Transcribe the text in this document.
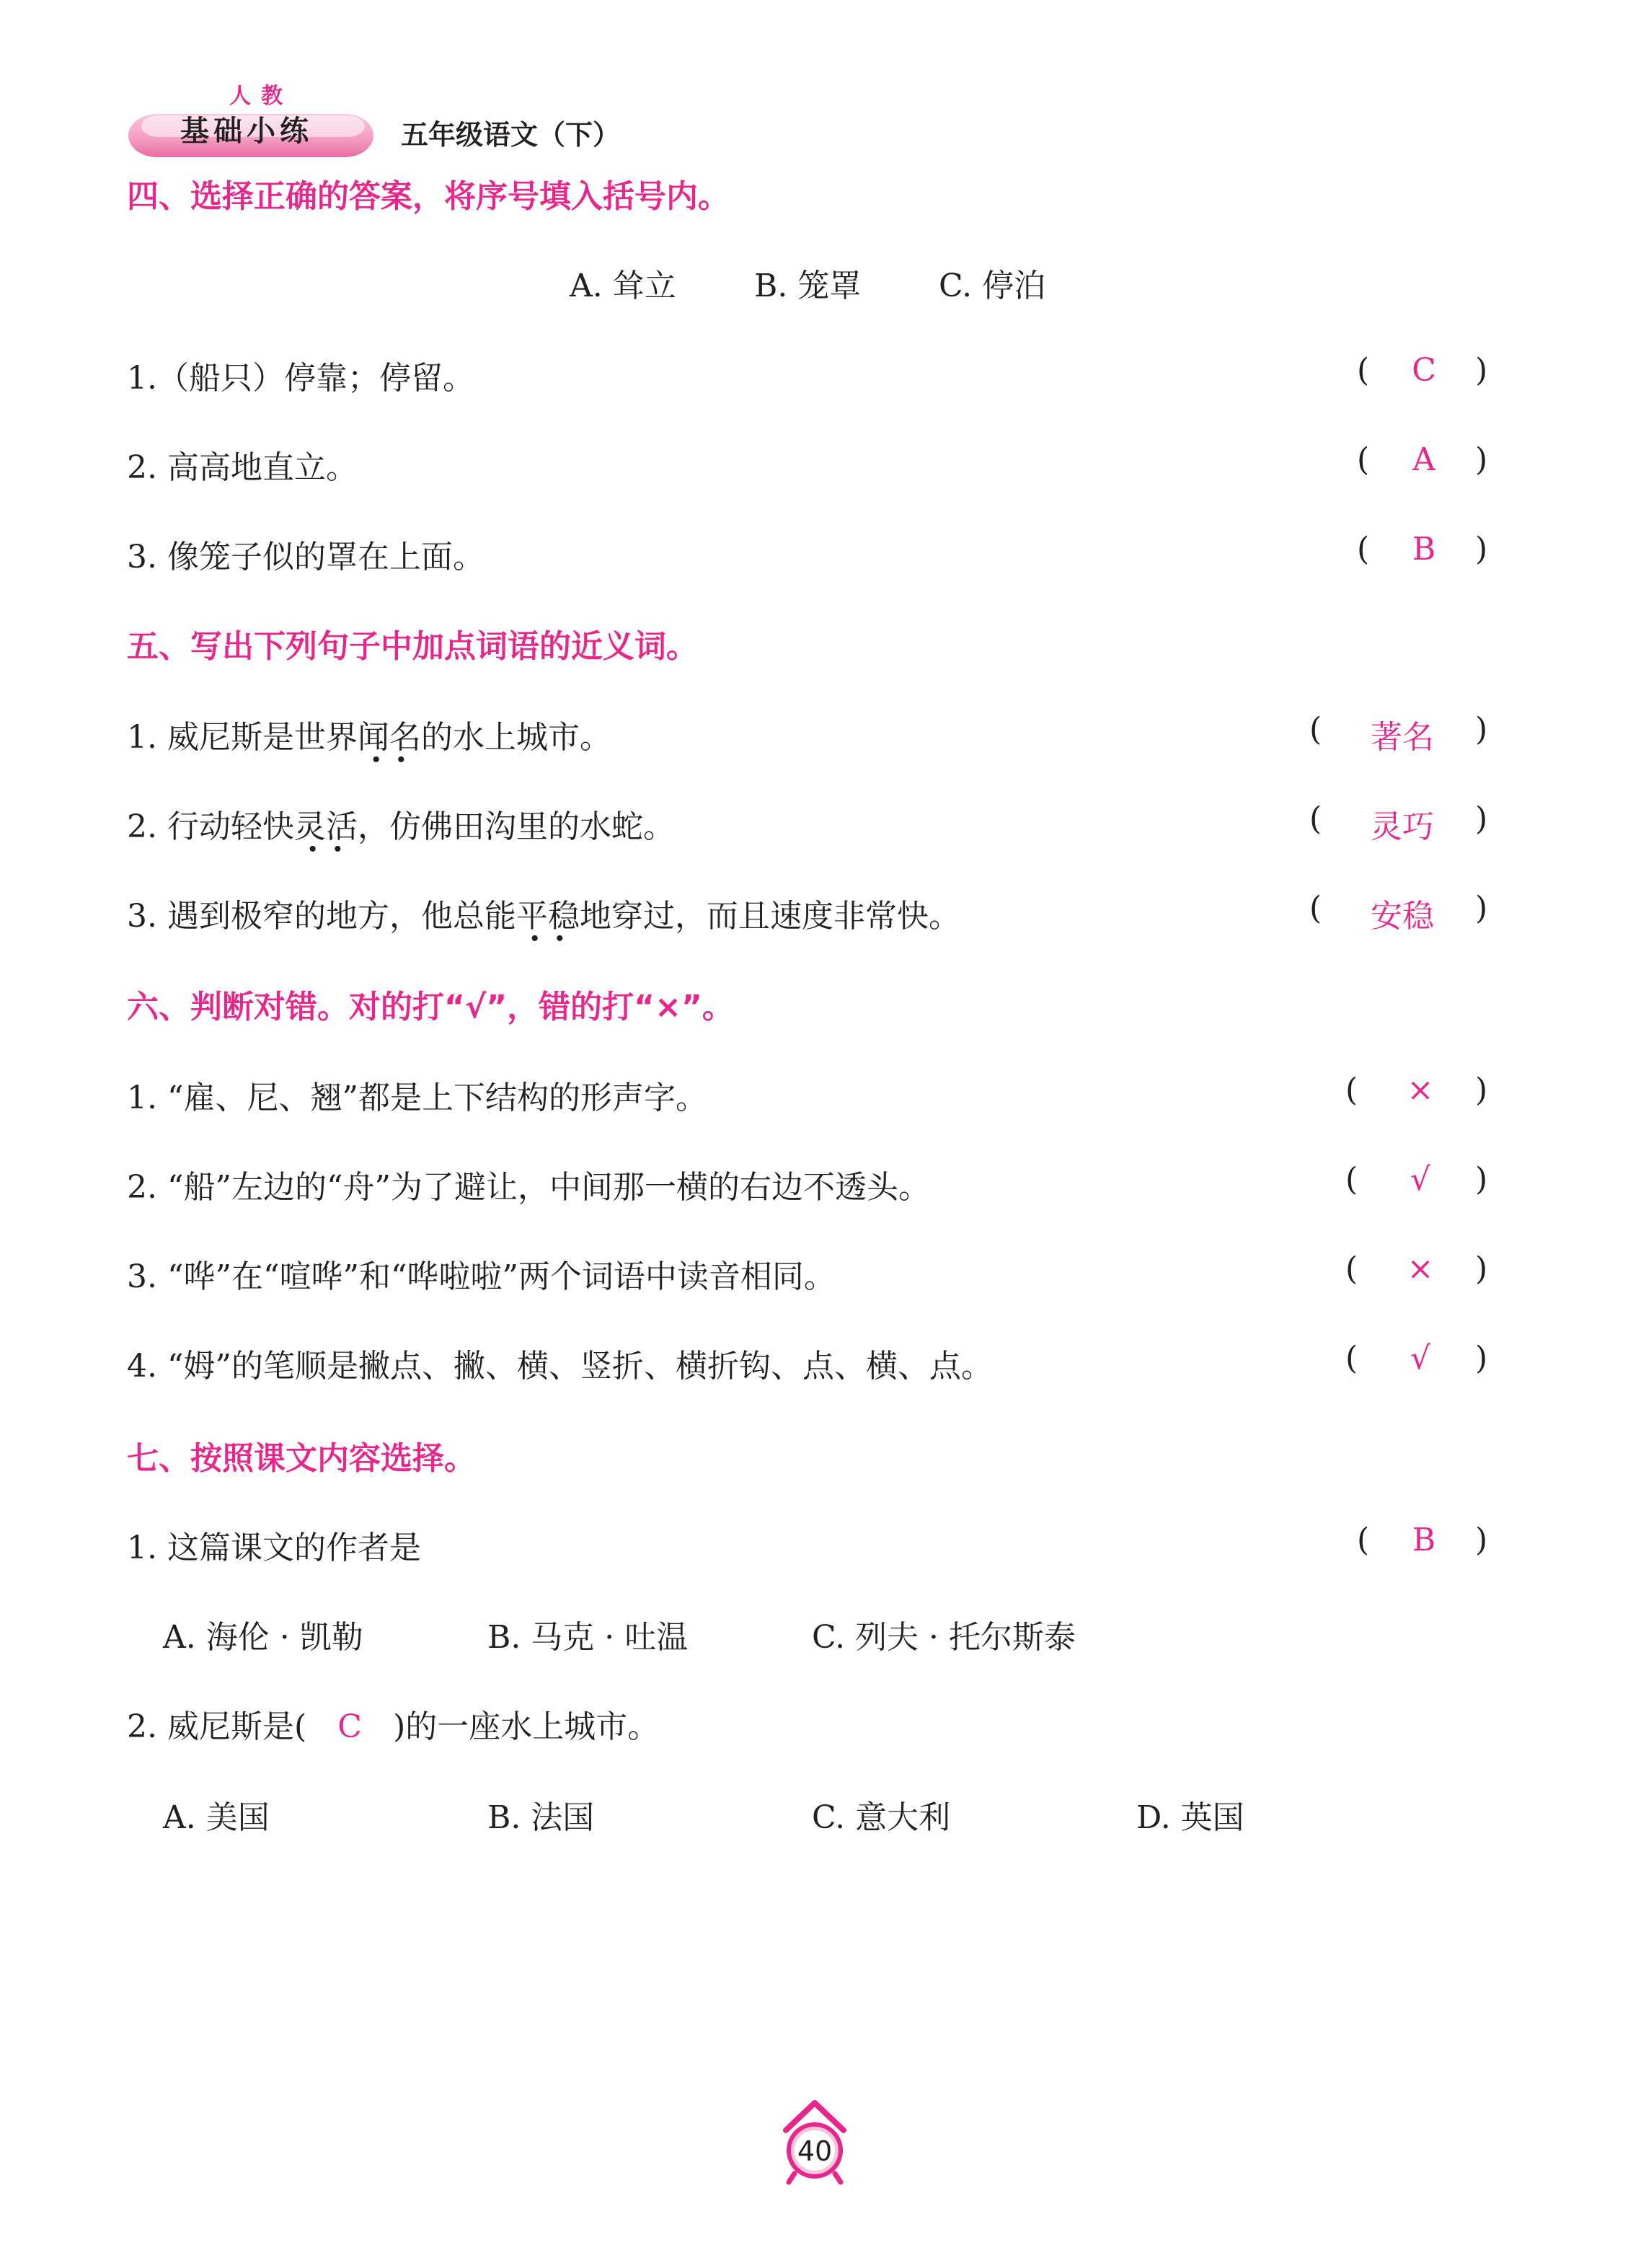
人教
基础小练	五年级语文（下）
四、选择正确的答案，将序号填入括号内。
A. 耸立 B. 笼罩 C. 停泊
1.（船只）停靠；停留。	(	C	)
2. 高高地直立。	(	A	)
3. 像笼子似的罩在上面。	(	B	)
五、写出下列句子中加点词语的近义词。
1. 威尼斯是世界闻名 · ·的水上城市。	(	著名	)
2. 行动轻快灵活 · ·，仿佛田沟里的水蛇。	(	灵巧	)
3. 遇到极窄的地方，他总能平稳 · ·地穿过，而且速度非常快。	(	安稳	)
六、判断对错。对的打“√”，错的打“×”。
1. “雇、尼、翘”都是上下结构的形声字。	(	×	)
2. “船”左边的“舟”为了避让，中间那一横的右边不透头。	(	√	)
3. “哗”在“喧哗”和“哗啦啦”两个词语中读音相同。	(	×	)
4. “姆”的笔顺是撇点、撇、横、竖折、横折钩、点、横、点。	(	√	)
七、按照课文内容选择。
1. 这篇课文的作者是	(	B	)
A. 海伦 · 凯勒	B. 马克 · 吐温	C. 列夫 · 托尔斯泰
2. 威尼斯是( C )的一座水上城市。
A. 美国	B. 法国	C. 意大利	D. 英国
40
